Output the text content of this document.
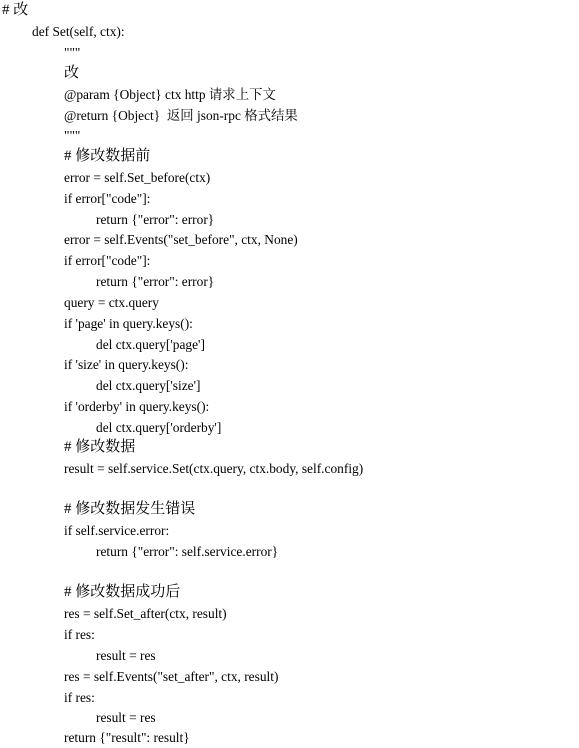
# 改
def Set(self, ctx):
"""
改
@param {Object} ctx http 请求上下文
@return {Object}  返回 json-rpc 格式结果
"""
# 修改数据前
error = self.Set_before(ctx)
if error["code"]:
return {"error": error}
error = self.Events("set_before", ctx, None)
if error["code"]:
return {"error": error}
query = ctx.query
if 'page' in query.keys():
del ctx.query['page']
if 'size' in query.keys():
del ctx.query['size']
if 'orderby' in query.keys():
del ctx.query['orderby']
# 修改数据
result = self.service.Set(ctx.query, ctx.body, self.config)
# 修改数据发生错误
if self.service.error:
return {"error": self.service.error}
# 修改数据成功后
res = self.Set_after(ctx, result)
if res:
result = res
res = self.Events("set_after", ctx, result)
if res:
result = res
return {"result": result}
